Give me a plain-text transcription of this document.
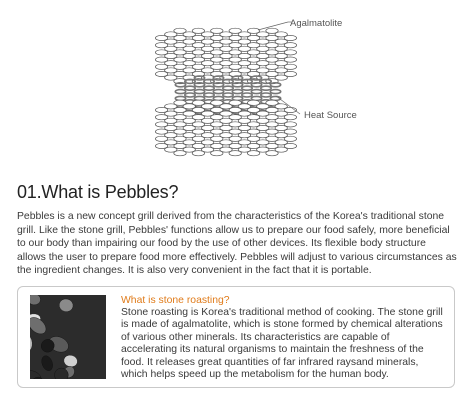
Agalmatolite
Heat Source
01.What is Pebbles?

Pebbles is a new concept grill derived from the characteristics of the Korea's traditional stone grill. Like the stone grill, Pebbles' functions allow us to prepare our food safely, more beneficial to our body than impairing our food by the use of other devices. Its flexible body structure allows the user to prepare food more effectively. Pebbles will adjust to various circumstances as the ingredient changes. It is also very convenient in the fact that it is portable.

What is stone roasting?

Stone roasting is Korea's traditional method of cooking. The stone grill is made of agalmatolite, which is stone formed by chemical alterations of various other minerals. Its characteristics are capable of accelerating its natural organisms to maintain the freshness of the food. It releases great quantities of far infrared raysand minerals, which helps speed up the metabolism for the human body.
